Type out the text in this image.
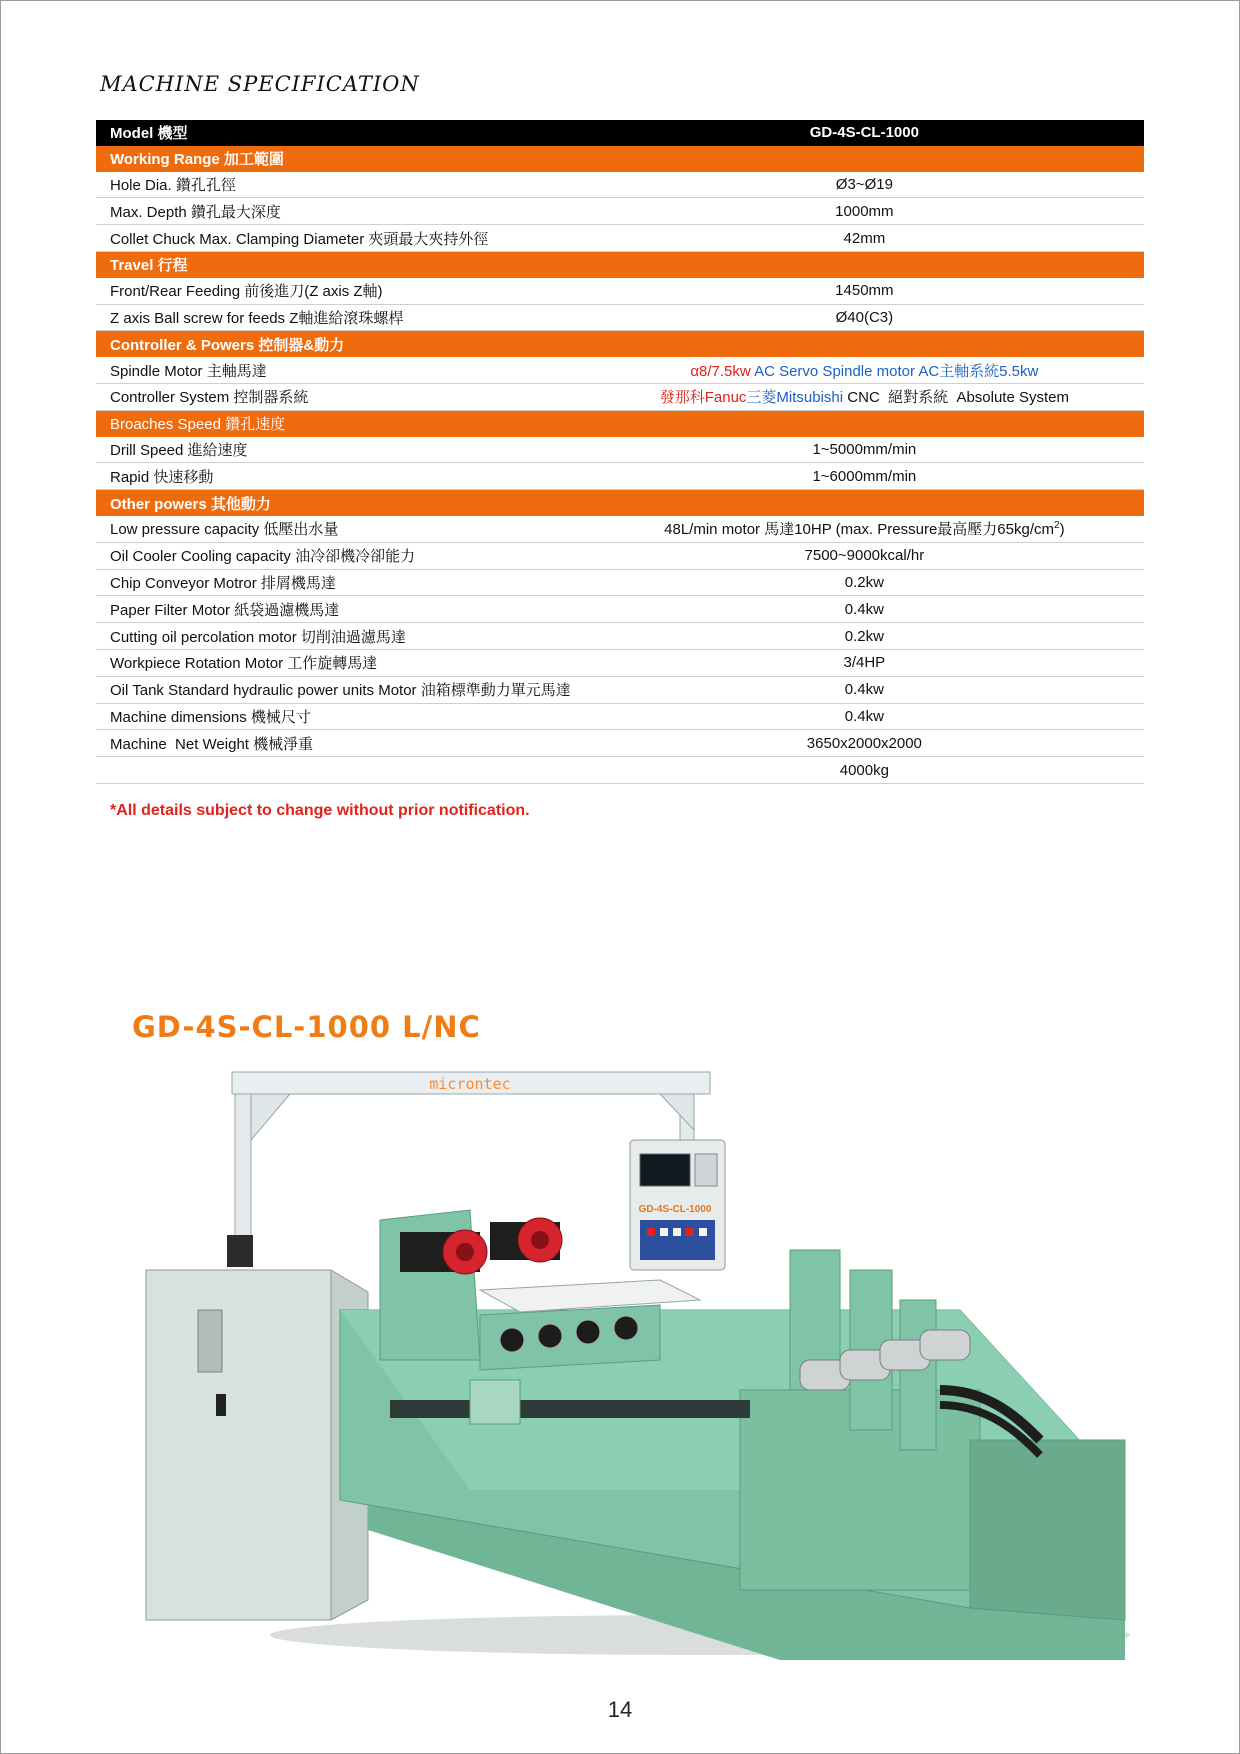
MACHINE SPECIFICATION
Model 機型	GD-4S-CL-1000
Working Range 加工範圍	
Hole Dia. 鑽孔孔徑	Ø3~Ø19
Max. Depth 鑽孔最大深度	1000mm
Collet Chuck Max. Clamping Diameter 夾頭最大夾持外徑	42mm
Travel 行程	
Front/Rear Feeding 前後進刀(Z axis Z軸)	1450mm
Z axis Ball screw for feeds Z軸進給滾珠螺桿	Ø40(C3)
Controller & Powers 控制器&動力	
Spindle Motor 主軸馬達	α8/7.5kw AC Servo Spindle motor AC主軸系統5.5kw
Controller System 控制器系統	發那科Fanuc三菱Mitsubishi CNC  絕對系統  Absolute System
Broaches Speed 鑽孔速度	
Drill Speed 進給速度	1~5000mm/min
Rapid 快速移動	1~6000mm/min
Other powers 其他動力	
Low pressure capacity 低壓出水量	48L/min motor 馬達10HP (max. Pressure最高壓力$65kg/cm^2$)
Oil Cooler Cooling capacity 油冷卻機冷卻能力	7500~9000kcal/hr
Chip Conveyor Motror 排屑機馬達	0.2kw
Paper Filter Motor 紙袋過濾機馬達	0.4kw
Cutting oil percolation motor 切削油過濾馬達	0.2kw
Workpiece Rotation Motor 工作旋轉馬達	3/4HP
Oil Tank Standard hydraulic power units Motor 油箱標準動力單元馬達	0.4kw
Machine dimensions 機械尺寸	0.4kw
Machine  Net Weight 機械淨重	3650x2000x2000
	4000kg
*All details subject to change without prior notification.
GD-4S-CL-1000 L/NC
microntec
GD-4S-CL-1000
14
